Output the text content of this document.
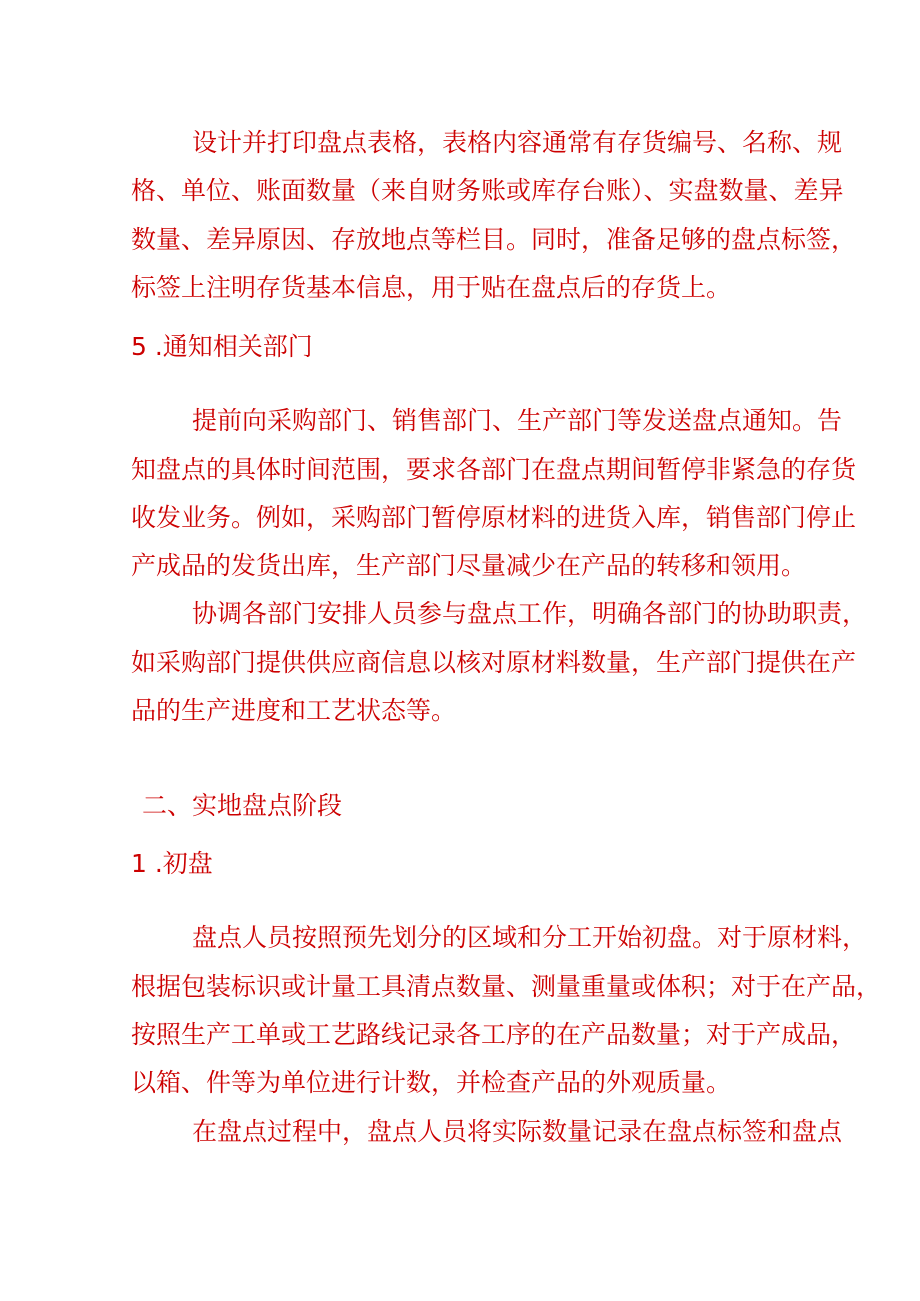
设计并打印盘点表格，表格内容通常有存货编号、名称、规
格、单位、账面数量（来自财务账或库存台账）、实盘数量、差异
数量、差异原因、存放地点等栏目。同时，准备足够的盘点标签，
标签上注明存货基本信息，用于贴在盘点后的存货上。
5 .通知相关部门
提前向采购部门、销售部门、生产部门等发送盘点通知。告
知盘点的具体时间范围，要求各部门在盘点期间暂停非紧急的存货
收发业务。例如，采购部门暂停原材料的进货入库，销售部门停止
产成品的发货出库，生产部门尽量减少在产品的转移和领用。
协调各部门安排人员参与盘点工作，明确各部门的协助职责，
如采购部门提供供应商信息以核对原材料数量，生产部门提供在产
品的生产进度和工艺状态等。
二、实地盘点阶段
1 .初盘
盘点人员按照预先划分的区域和分工开始初盘。对于原材料，
根据包装标识或计量工具清点数量、测量重量或体积；对于在产品，
按照生产工单或工艺路线记录各工序的在产品数量；对于产成品，
以箱、件等为单位进行计数，并检查产品的外观质量。
在盘点过程中，盘点人员将实际数量记录在盘点标签和盘点
